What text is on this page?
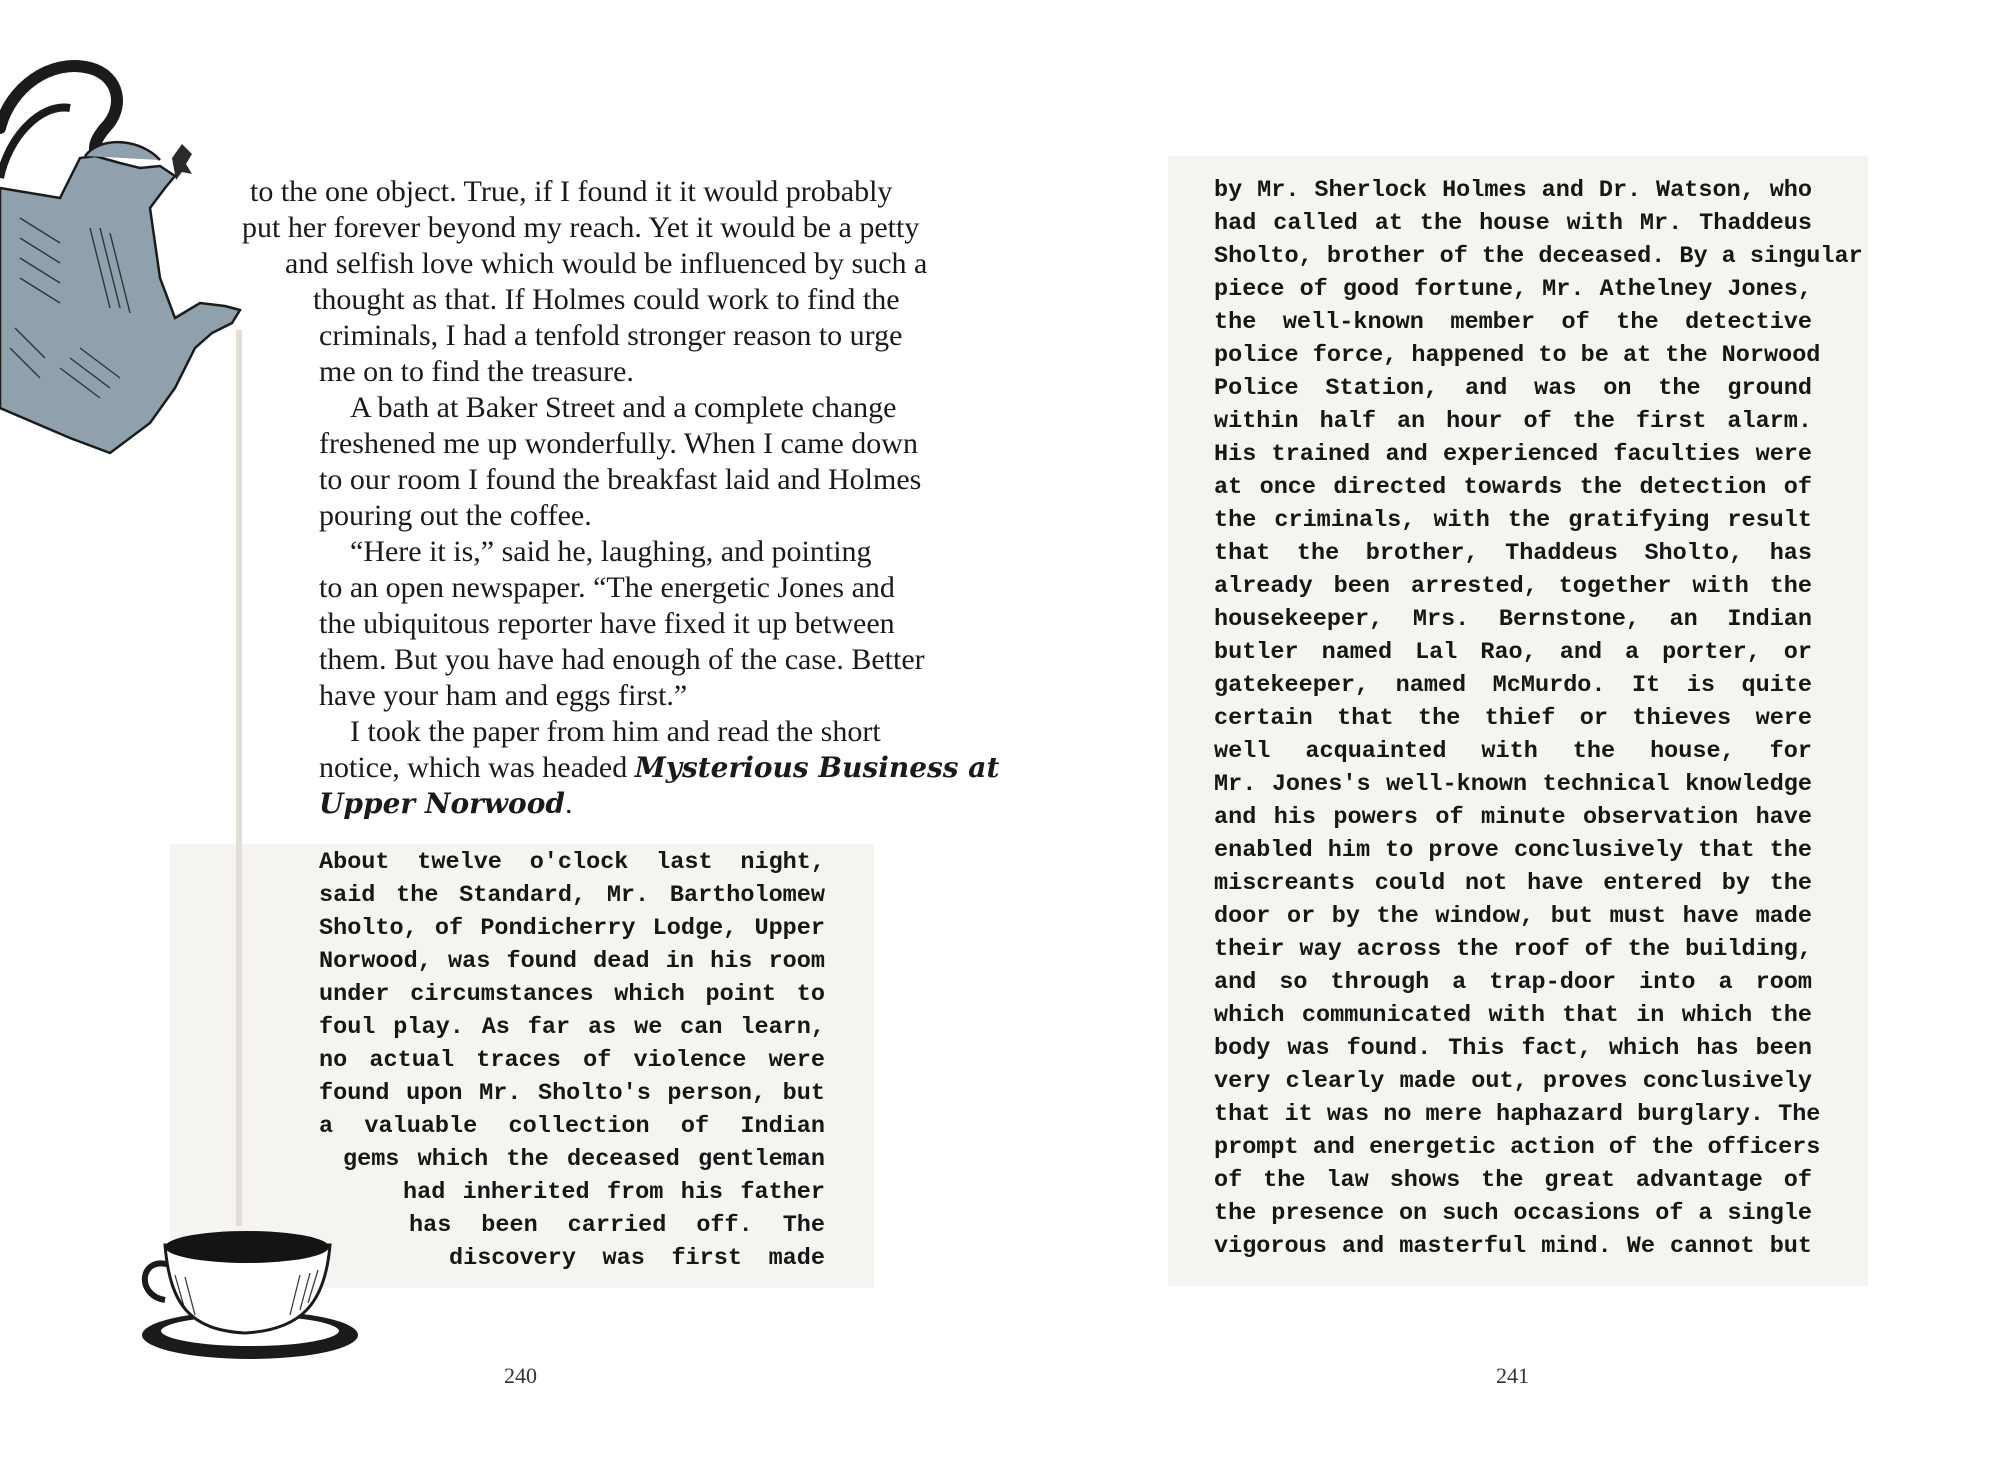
to the one object. True, if I found it it would probably
put her forever beyond my reach. Yet it would be a petty
and selfish love which would be influenced by such a
thought as that. If Holmes could work to find the
criminals, I had a tenfold stronger reason to urge
me on to find the treasure.
A bath at Baker Street and a complete change
freshened me up wonderfully. When I came down
to our room I found the breakfast laid and Holmes
pouring out the coffee.
“Here it is,” said he, laughing, and pointing
to an open newspaper. “The energetic Jones and
the ubiquitous reporter have fixed it up between
them. But you have had enough of the case. Better
have your ham and eggs first.”
I took the paper from him and read the short
notice, which was headed Mysterious Business at
Upper Norwood.
About twelve o'clock last night,
said the Standard, Mr. Bartholomew
Sholto, of Pondicherry Lodge, Upper
Norwood, was found dead in his room
under circumstances which point to
foul play. As far as we can learn,
no actual traces of violence were
found upon Mr. Sholto's person, but
a valuable collection of Indian
gems which the deceased gentleman
had inherited from his father
has been carried off. The
discovery was first made
240
by Mr. Sherlock Holmes and Dr. Watson, who
had called at the house with Mr. Thaddeus
Sholto, brother of the deceased. By a singular
piece of good fortune, Mr. Athelney Jones,
the well-known member of the detective
police force, happened to be at the Norwood
Police Station, and was on the ground
within half an hour of the first alarm.
His trained and experienced faculties were
at once directed towards the detection of
the criminals, with the gratifying result
that the brother, Thaddeus Sholto, has
already been arrested, together with the
housekeeper, Mrs. Bernstone, an Indian
butler named Lal Rao, and a porter, or
gatekeeper, named McMurdo. It is quite
certain that the thief or thieves were
well acquainted with the house, for
Mr. Jones's well-known technical knowledge
and his powers of minute observation have
enabled him to prove conclusively that the
miscreants could not have entered by the
door or by the window, but must have made
their way across the roof of the building,
and so through a trap-door into a room
which communicated with that in which the
body was found. This fact, which has been
very clearly made out, proves conclusively
that it was no mere haphazard burglary. The
prompt and energetic action of the officers
of the law shows the great advantage of
the presence on such occasions of a single
vigorous and masterful mind. We cannot but
241
